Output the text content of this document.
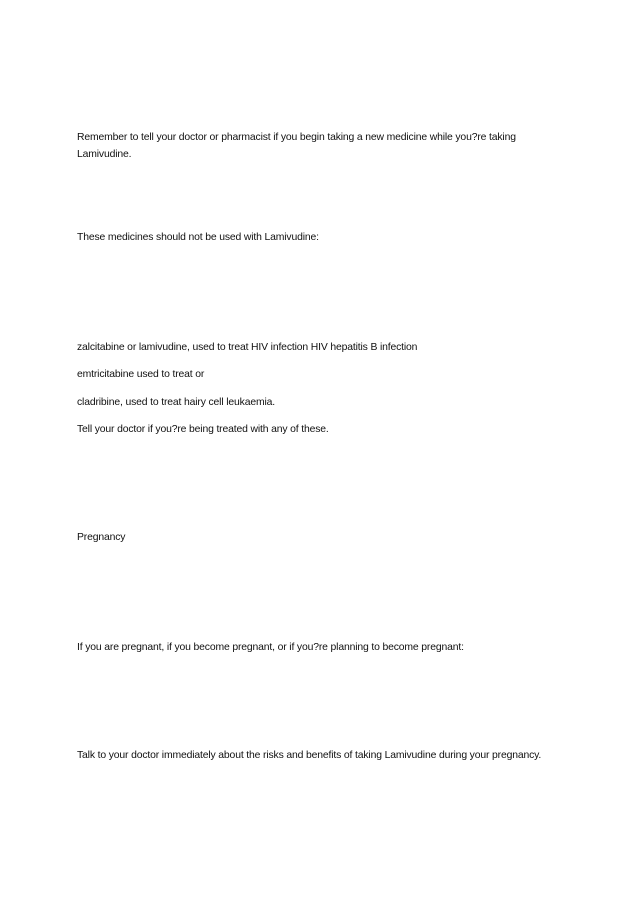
Remember to tell your doctor or pharmacist if you begin taking a new medicine while you?re taking Lamivudine.
These medicines should not be used with Lamivudine:
zalcitabine or lamivudine, used to treat HIV infection HIV hepatitis B infection
emtricitabine used to treat or
cladribine, used to treat hairy cell leukaemia.
Tell your doctor if you?re being treated with any of these.
Pregnancy
If you are pregnant, if you become pregnant, or if you?re planning to become pregnant:
Talk to your doctor immediately about the risks and benefits of taking Lamivudine during your pregnancy.
